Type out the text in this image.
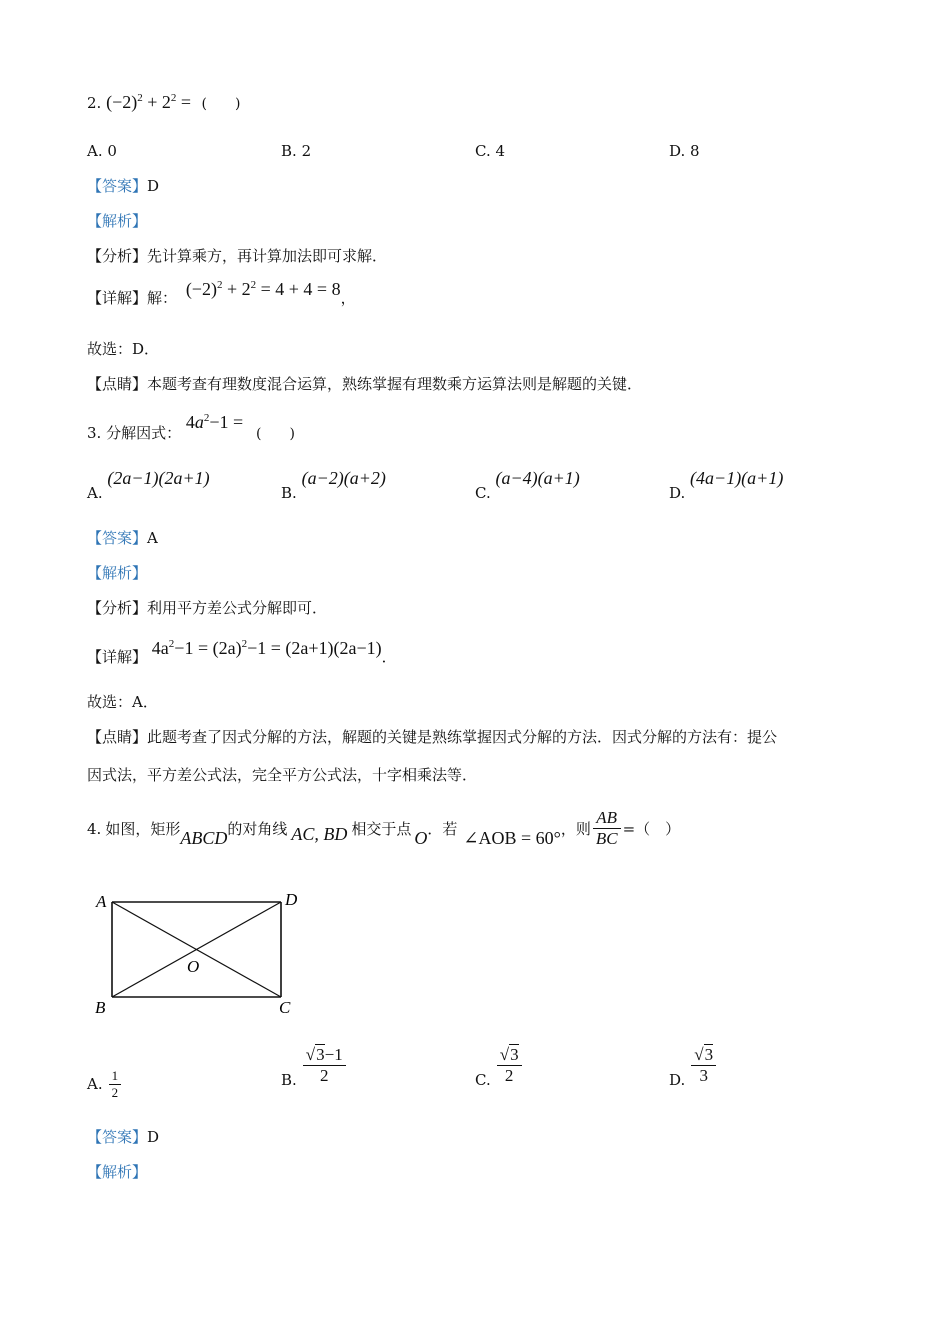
2. $(-2)^2 + 2^2$ = (　　)
A. 0	B. 2	C. 4	D. 8
【答案】D
【解析】
【分析】先计算乘方，再计算加法即可求解．
【详解】解： $(-2)^2 + 2^2 = 4 + 4 = 8$，
故选：D．
【点睛】本题考查有理数度混合运算，熟练掌握有理数乘方运算法则是解题的关键．
3. 分解因式： $4a^2-1$ = (　　)
A. (2a−1)(2a+1)
B. (a−2)(a+2)
C. (a−4)(a+1)
D. (4a−1)(a+1)
【答案】A
【解析】
【分析】利用平方差公式分解即可．
【详解】 $4a^2-1 = (2a)^2-1 = (2a+1)(2a-1)$．
故选：A．
【点睛】此题考查了因式分解的方法，解题的关键是熟练掌握因式分解的方法．因式分解的方法有：提公
因式法，平方差公式法，完全平方公式法，十字相乘法等．
4. 如图，矩形 ABCD 的对角线 AC, BD 相交于点 O ．若 ∠AOB = 60° ，则 $\frac{AB}{BC}$ =（　）
A	D
B	C
O
A. $\frac{1}{2}$	B. $\frac{√3-1}{2}$	C. $\frac{√3}{2}$	D. $\frac{√3}{3}$
【答案】D
【解析】
